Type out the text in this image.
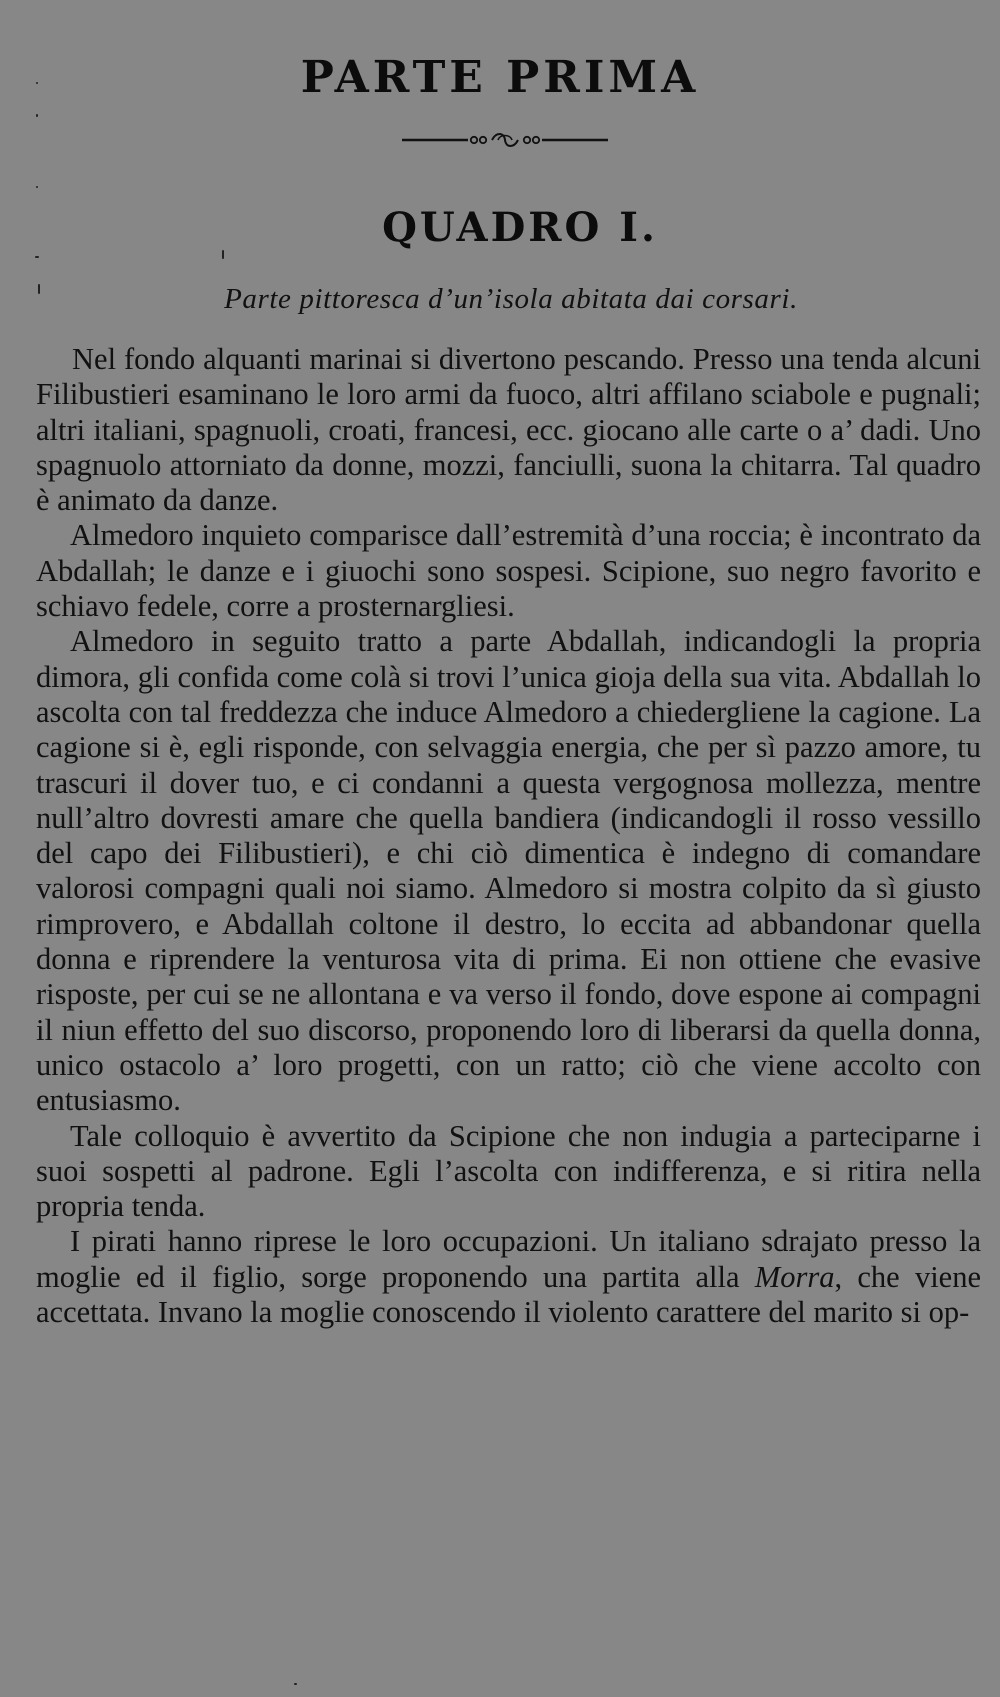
PARTE PRIMA
QUADRO I.
Parte pittoresca d’un’isola abitata dai corsari.

Nel fondo alquanti marinai si divertono pescando. Presso una tenda alcuni Filibustieri esaminano le loro armi da fuoco, altri affilano sciabole e pugnali; altri italiani, spagnuoli, croati, francesi, ecc. giocano alle carte o a’ dadi. Uno spagnuolo attorniato da donne, mozzi, fanciulli, suona la chitarra. Tal quadro è animato da danze.

Almedoro inquieto comparisce dall’estremità d’una roccia; è incontrato da Abdallah; le danze e i giuochi sono sospesi. Scipione, suo negro favorito e schiavo fedele, corre a prosternargliesi.

Almedoro in seguito tratto a parte Abdallah, indicandogli la propria dimora, gli confida come colà si trovi l’unica gioja della sua vita. Abdallah lo ascolta con tal freddezza che induce Almedoro a chiedergliene la cagione. La cagione si è, egli risponde, con selvaggia energia, che per sì pazzo amore, tu trascuri il dover tuo, e ci condanni a questa vergognosa mollezza, mentre null’altro dovresti amare che quella bandiera (indicandogli il rosso vessillo del capo dei Filibustieri), e chi ciò dimentica è indegno di comandare valorosi compagni quali noi siamo. Almedoro si mostra colpito da sì giusto rimprovero, e Abdallah coltone il destro, lo eccita ad abbandonar quella donna e riprendere la venturosa vita di prima. Ei non ottiene che evasive risposte, per cui se ne allontana e va verso il fondo, dove espone ai compagni il niun effetto del suo discorso, proponendo loro di liberarsi da quella donna, unico ostacolo a’ loro progetti, con un ratto; ciò che viene accolto con entusiasmo.

Tale colloquio è avvertito da Scipione che non indugia a parteciparne i suoi sospetti al padrone. Egli l’ascolta con indifferenza, e si ritira nella propria tenda.

I pirati hanno riprese le loro occupazioni. Un italiano sdrajato presso la moglie ed il figlio, sorge proponendo una partita alla Morra, che viene accettata. Invano la moglie conoscendo il violento carattere del marito si op-
